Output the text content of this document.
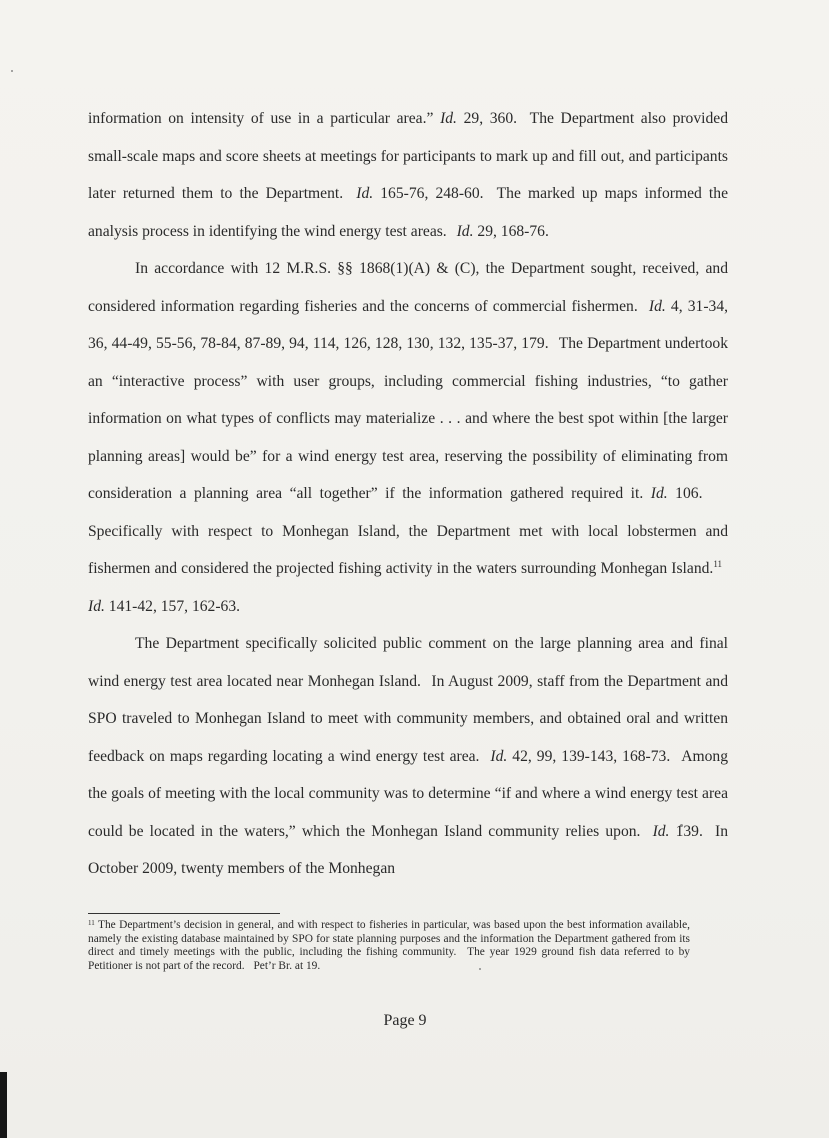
information on intensity of use in a particular area.” Id. 29, 360. The Department also provided small-scale maps and score sheets at meetings for participants to mark up and fill out, and participants later returned them to the Department. Id. 165-76, 248-60. The marked up maps informed the analysis process in identifying the wind energy test areas. Id. 29, 168-76.

In accordance with 12 M.R.S. §§ 1868(1)(A) & (C), the Department sought, received, and considered information regarding fisheries and the concerns of commercial fishermen. Id. 4, 31-34, 36, 44-49, 55-56, 78-84, 87-89, 94, 114, 126, 128, 130, 132, 135-37, 179. The Department undertook an “interactive process” with user groups, including commercial fishing industries, “to gather information on what types of conflicts may materialize . . . and where the best spot within [the larger planning areas] would be” for a wind energy test area, reserving the possibility of eliminating from consideration a planning area “all together” if the information gathered required it. Id. 106. Specifically with respect to Monhegan Island, the Department met with local lobstermen and fishermen and considered the projected fishing activity in the waters surrounding Monhegan Island.$^{11}$ Id. 141-42, 157, 162-63.

The Department specifically solicited public comment on the large planning area and final wind energy test area located near Monhegan Island. In August 2009, staff from the Department and SPO traveled to Monhegan Island to meet with community members, and obtained oral and written feedback on maps regarding locating a wind energy test area. Id. 42, 99, 139-143, 168-73. Among the goals of meeting with the local community was to determine “if and where a wind energy test area could be located in the waters,” which the Monhegan Island community relies upon. Id. 139. In October 2009, twenty members of the Monhegan

$^{11}$ The Department’s decision in general, and with respect to fisheries in particular, was based upon the best information available, namely the existing database maintained by SPO for state planning purposes and the information the Department gathered from its direct and timely meetings with the public, including the fishing community. The year 1929 ground fish data referred to by Petitioner is not part of the record. Pet’r Br. at 19.
Page 9
